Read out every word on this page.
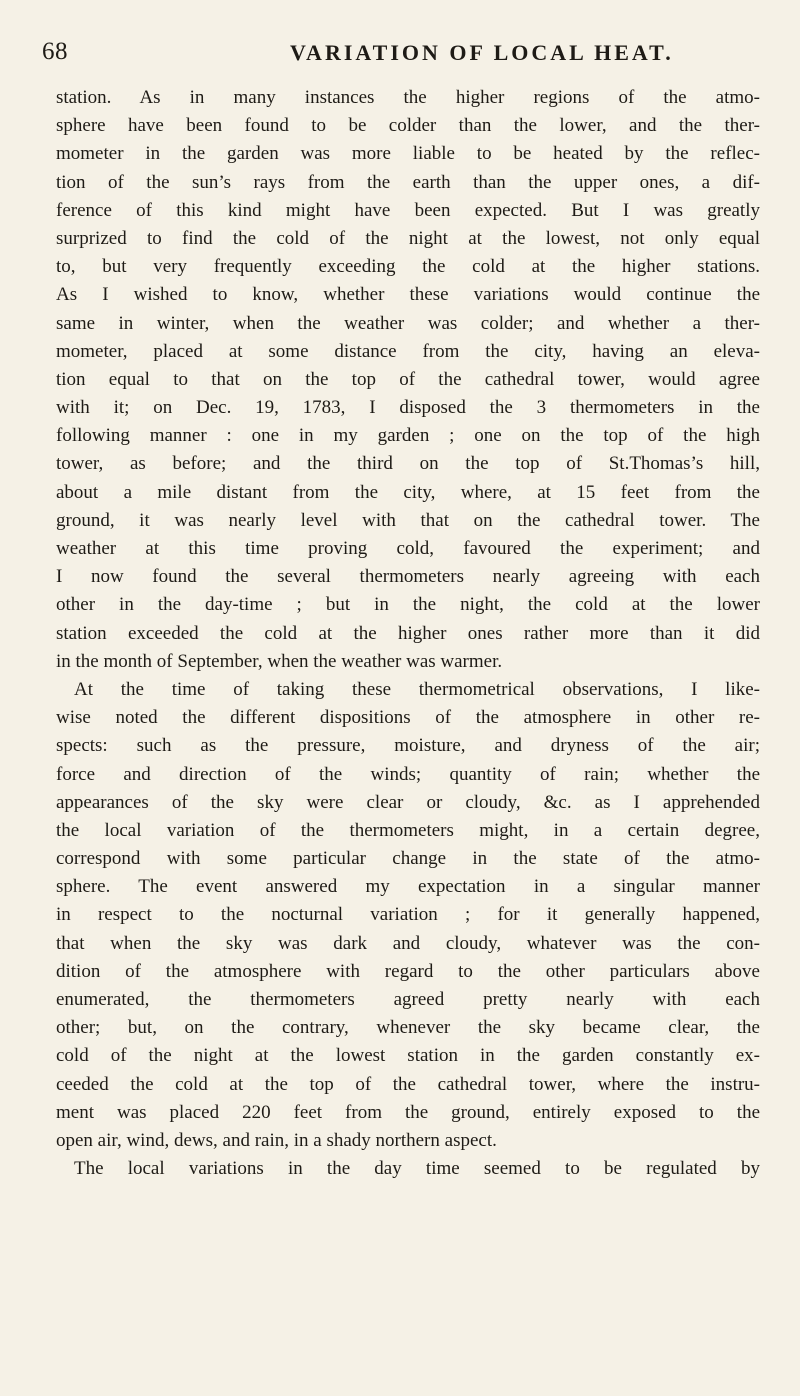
68	VARIATION OF LOCAL HEAT.
station. As in many instances the higher regions of the atmo-
sphere have been found to be colder than the lower, and the ther-
mometer in the garden was more liable to be heated by the reflec-
tion of the sun’s rays from the earth than the upper ones, a dif-
ference of this kind might have been expected. But I was greatly
surprized to find the cold of the night at the lowest, not only equal
to, but very frequently exceeding the cold at the higher stations.
As I wished to know, whether these variations would continue the
same in winter, when the weather was colder; and whether a ther-
mometer, placed at some distance from the city, having an eleva-
tion equal to that on the top of the cathedral tower, would agree
with it; on Dec. 19, 1783, I disposed the 3 thermometers in the
following manner : one in my garden ; one on the top of the high
tower, as before; and the third on the top of St.Thomas’s hill,
about a mile distant from the city, where, at 15 feet from the
ground, it was nearly level with that on the cathedral tower. The
weather at this time proving cold, favoured the experiment; and
I now found the several thermometers nearly agreeing with each
other in the day-time ; but in the night, the cold at the lower
station exceeded the cold at the higher ones rather more than it did
in the month of September, when the weather was warmer.
At the time of taking these thermometrical observations, I like-
wise noted the different dispositions of the atmosphere in other re-
spects: such as the pressure, moisture, and dryness of the air;
force and direction of the winds; quantity of rain; whether the
appearances of the sky were clear or cloudy, &c. as I apprehended
the local variation of the thermometers might, in a certain degree,
correspond with some particular change in the state of the atmo-
sphere. The event answered my expectation in a singular manner
in respect to the nocturnal variation ; for it generally happened,
that when the sky was dark and cloudy, whatever was the con-
dition of the atmosphere with regard to the other particulars above
enumerated, the thermometers agreed pretty nearly with each
other; but, on the contrary, whenever the sky became clear, the
cold of the night at the lowest station in the garden constantly ex-
ceeded the cold at the top of the cathedral tower, where the instru-
ment was placed 220 feet from the ground, entirely exposed to the
open air, wind, dews, and rain, in a shady northern aspect.
The local variations in the day time seemed to be regulated by
